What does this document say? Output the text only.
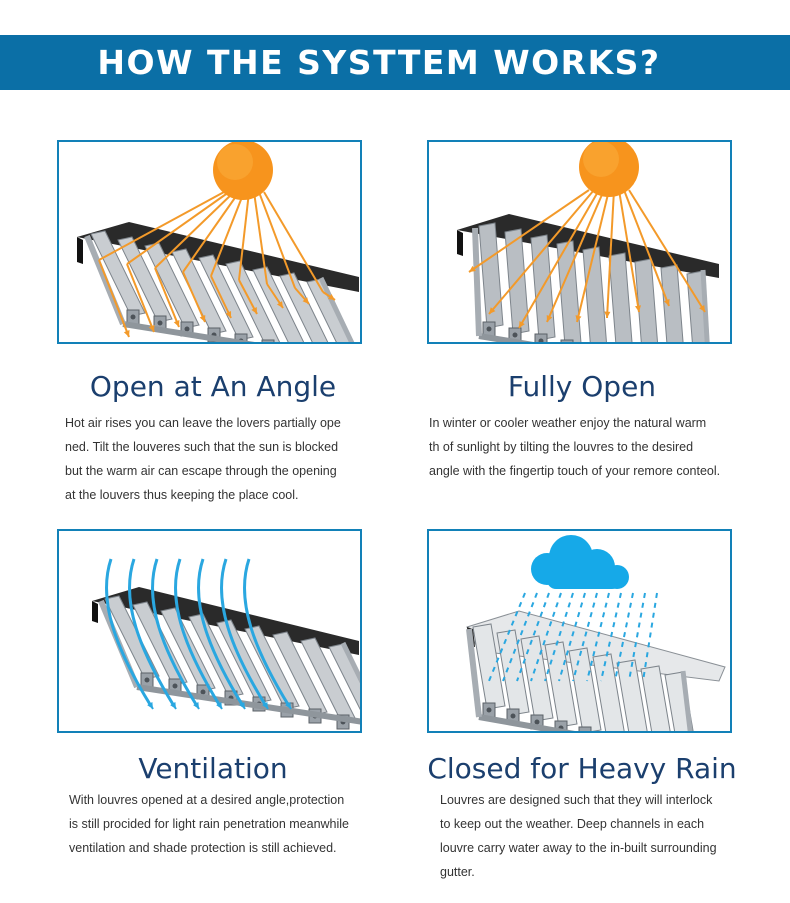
HOW THE SYSTTEM WORKS?
Open at An Angle
Hot air rises you can leave the lovers partially ope
ned. Tilt the louveres such that the sun is blocked
but the warm air can escape through the opening
at the louvers thus keeping the place cool.
Fully Open
In winter or cooler weather enjoy the natural warm
th of sunlight by tilting the louvres to the desired
angle with the fingertip touch of your remore conteol.
Ventilation
With louvres opened at a desired angle,protection
is still procided for light rain penetration meanwhile
ventilation and shade protection is still achieved.
Closed for Heavy Rain
Louvres are designed such that they will interlock
to keep out the weather. Deep channels in each
louvre carry water away to the in-built surrounding
gutter.
